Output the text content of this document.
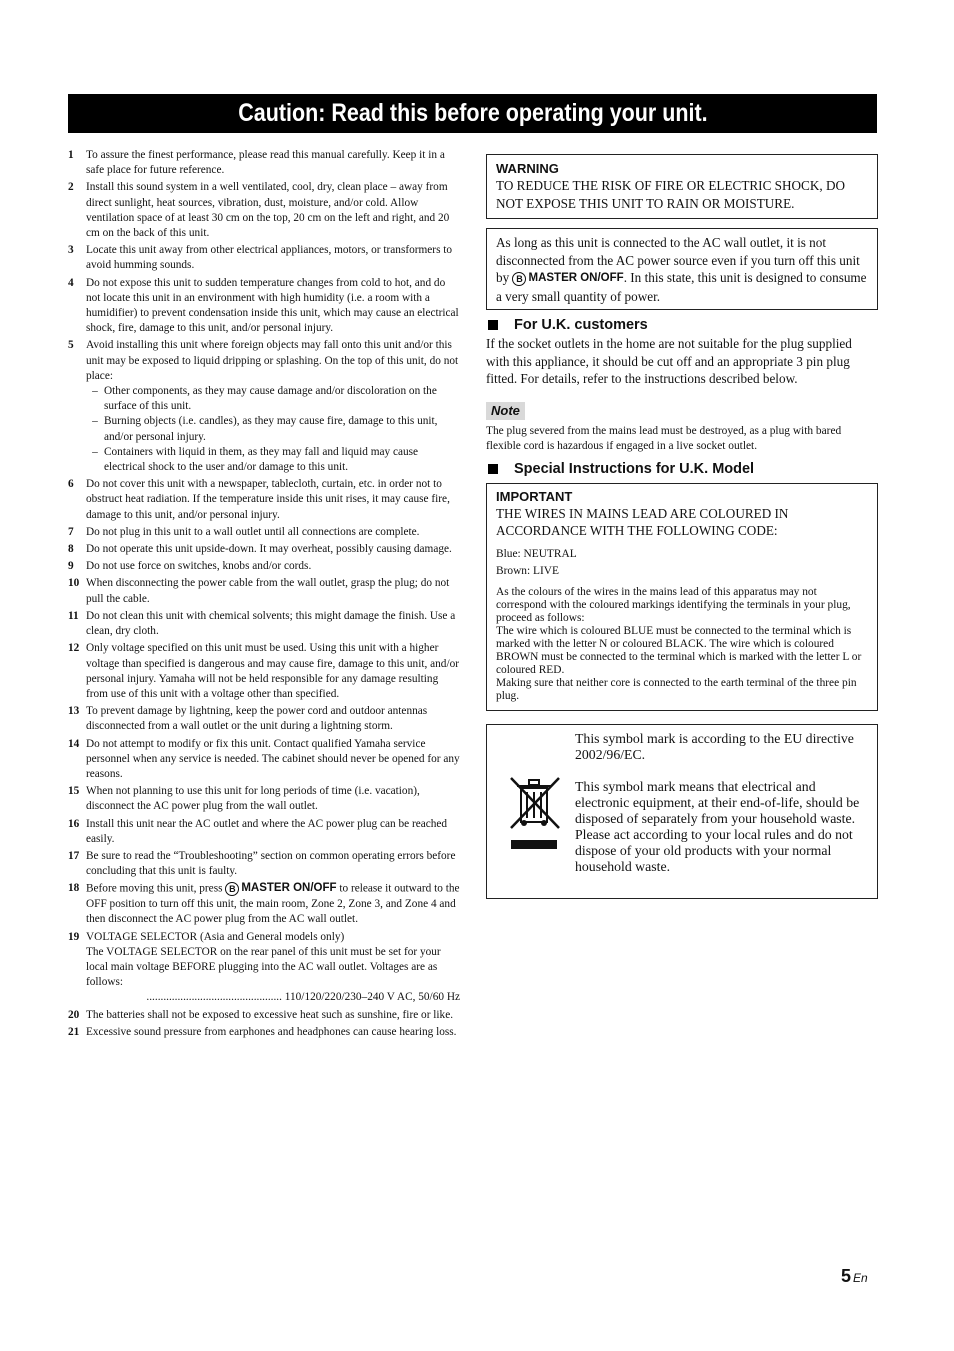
Caution: Read this before operating your unit.
1	To assure the finest performance, please read this manual carefully. Keep it in a safe place for future reference.
2	Install this sound system in a well ventilated, cool, dry, clean place – away from direct sunlight, heat sources, vibration, dust, moisture, and/or cold. Allow ventilation space of at least 30 cm on the top, 20 cm on the left and right, and 20 cm on the back of this unit.
3	Locate this unit away from other electrical appliances, motors, or transformers to avoid humming sounds.
4	Do not expose this unit to sudden temperature changes from cold to hot, and do not locate this unit in an environment with high humidity (i.e. a room with a humidifier) to prevent condensation inside this unit, which may cause an electrical shock, fire, damage to this unit, and/or personal injury.
5	Avoid installing this unit where foreign objects may fall onto this unit and/or this unit may be exposed to liquid dripping or splashing. On the top of this unit, do not place:
– Other components, as they may cause damage and/or discoloration on the surface of this unit.
– Burning objects (i.e. candles), as they may cause fire, damage to this unit, and/or personal injury.
– Containers with liquid in them, as they may fall and liquid may cause electrical shock to the user and/or damage to this unit.
6	Do not cover this unit with a newspaper, tablecloth, curtain, etc. in order not to obstruct heat radiation. If the temperature inside this unit rises, it may cause fire, damage to this unit, and/or personal injury.
7	Do not plug in this unit to a wall outlet until all connections are complete.
8	Do not operate this unit upside-down. It may overheat, possibly causing damage.
9	Do not use force on switches, knobs and/or cords.
10 When disconnecting the power cable from the wall outlet, grasp the plug; do not pull the cable.
11 Do not clean this unit with chemical solvents; this might damage the finish. Use a clean, dry cloth.
12 Only voltage specified on this unit must be used. Using this unit with a higher voltage than specified is dangerous and may cause fire, damage to this unit, and/or personal injury. Yamaha will not be held responsible for any damage resulting from use of this unit with a voltage other than specified.
13 To prevent damage by lightning, keep the power cord and outdoor antennas disconnected from a wall outlet or the unit during a lightning storm.
14 Do not attempt to modify or fix this unit. Contact qualified Yamaha service personnel when any service is needed. The cabinet should never be opened for any reasons.
15 When not planning to use this unit for long periods of time (i.e. vacation), disconnect the AC power plug from the wall outlet.
16 Install this unit near the AC outlet and where the AC power plug can be reached easily.
17 Be sure to read the “Troubleshooting” section on common operating errors before concluding that this unit is faulty.
18 Before moving this unit, press B MASTER ON/OFF to release it outward to the OFF position to turn off this unit, the main room, Zone 2, Zone 3, and Zone 4 and then disconnect the AC power plug from the AC wall outlet.
19 VOLTAGE SELECTOR (Asia and General models only)
The VOLTAGE SELECTOR on the rear panel of this unit must be set for your local main voltage BEFORE plugging into the AC wall outlet. Voltages are as follows:
................................................ 110/120/220/230–240 V AC, 50/60 Hz
20 The batteries shall not be exposed to excessive heat such as sunshine, fire or like.
21 Excessive sound pressure from earphones and headphones can cause hearing loss.
WARNING
TO REDUCE THE RISK OF FIRE OR ELECTRIC SHOCK, DO NOT EXPOSE THIS UNIT TO RAIN OR MOISTURE.
As long as this unit is connected to the AC wall outlet, it is not disconnected from the AC power source even if you turn off this unit by B MASTER ON/OFF . In this state, this unit is designed to consume a very small quantity of power.
For U.K. customers
If the socket outlets in the home are not suitable for the plug supplied with this appliance, it should be cut off and an appropriate 3 pin plug fitted. For details, refer to the instructions described below.
Note
The plug severed from the mains lead must be destroyed, as a plug with bared flexible cord is hazardous if engaged in a live socket outlet.
Special Instructions for U.K. Model
IMPORTANT
THE WIRES IN MAINS LEAD ARE COLOURED IN ACCORDANCE WITH THE FOLLOWING CODE:
Blue: NEUTRAL
Brown: LIVE
As the colours of the wires in the mains lead of this apparatus may not correspond with the coloured markings identifying the terminals in your plug, proceed as follows:
The wire which is coloured BLUE must be connected to the terminal which is marked with the letter N or coloured BLACK. The wire which is coloured BROWN must be connected to the terminal which is marked with the letter L or coloured RED.
Making sure that neither core is connected to the earth terminal of the three pin plug.
This symbol mark is according to the EU directive 2002/96/EC.
This symbol mark means that electrical and electronic equipment, at their end-of-life, should be disposed of separately from your household waste.
Please act according to your local rules and do not dispose of your old products with your normal household waste.
5 En
